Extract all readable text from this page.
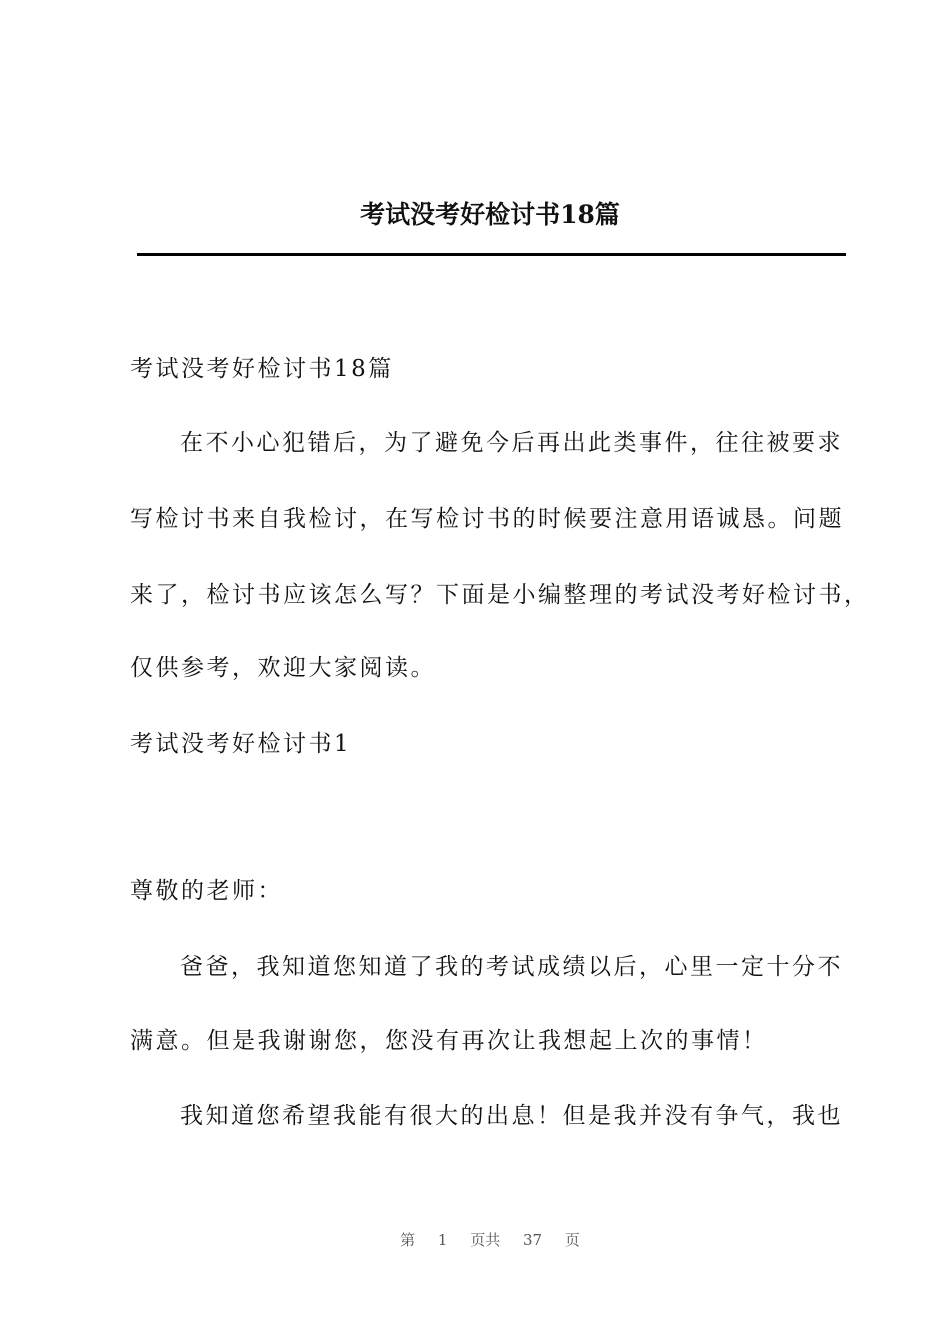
考试没考好检讨书18篇

考试没考好检讨书18篇

在不小心犯错后，为了避免今后再出此类事件，往往被要求

写检讨书来自我检讨，在写检讨书的时候要注意用语诚恳。问题

来了，检讨书应该怎么写？下面是小编整理的考试没考好检讨书，

仅供参考，欢迎大家阅读。

考试没考好检讨书1

尊敬的老师：

爸爸，我知道您知道了我的考试成绩以后，心里一定十分不

满意。但是我谢谢您，您没有再次让我想起上次的事情！

我知道您希望我能有很大的出息！但是我并没有争气，我也

第 1 页共 37 页
